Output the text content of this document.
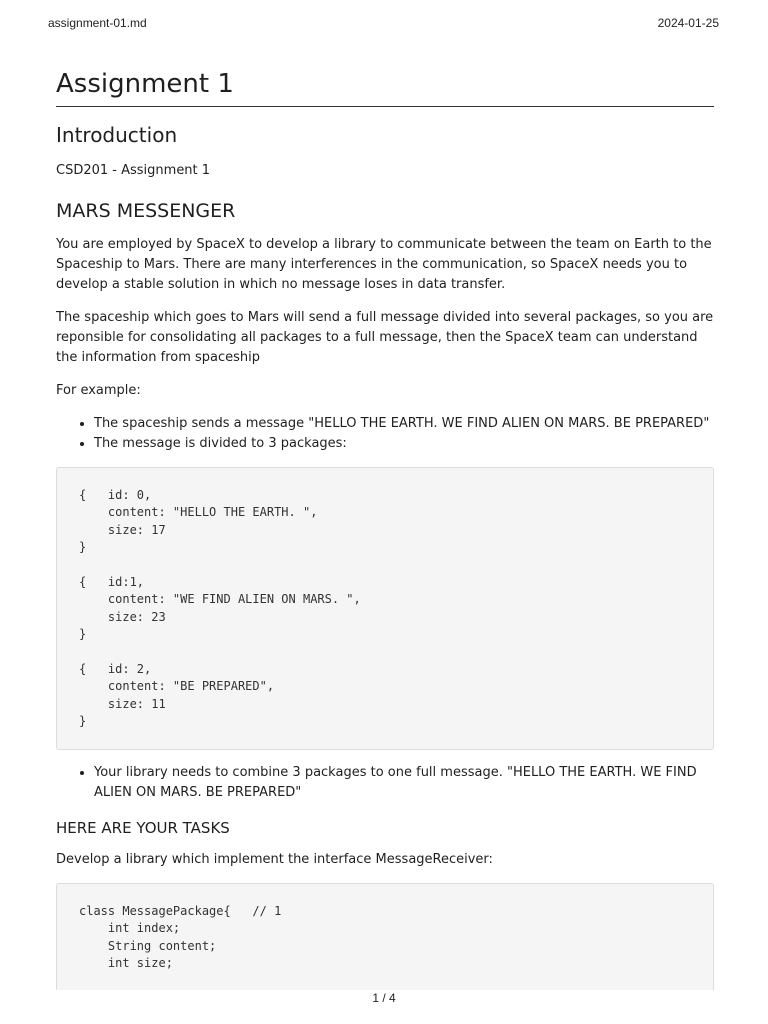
assignment-01.md	2024-01-25
Assignment 1
Introduction

CSD201 - Assignment 1

MARS MESSENGER

You are employed by SpaceX to develop a library to communicate between the team on Earth to the Spaceship to Mars. There are many interferences in the communication, so SpaceX needs you to develop a stable solution in which no message loses in data transfer.

The spaceship which goes to Mars will send a full message divided into several packages, so you are reponsible for consolidating all packages to a full message, then the SpaceX team can understand the information from spaceship

For example:

• The spaceship sends a message "HELLO THE EARTH. WE FIND ALIEN ON MARS. BE PREPARED"
• The message is divided to 3 packages:
{   id: 0,
content: "HELLO THE EARTH. ",
size: 17
}

{   id:1,
content: "WE FIND ALIEN ON MARS. ",
size: 23
}

{   id: 2,
content: "BE PREPARED",
size: 11
}
• Your library needs to combine 3 packages to one full message. "HELLO THE EARTH. WE FIND ALIEN ON MARS. BE PREPARED"
HERE ARE YOUR TASKS

Develop a library which implement the interface MessageReceiver:

class MessagePackage{   // 1
int index;
String content;
int size;
1 / 4
